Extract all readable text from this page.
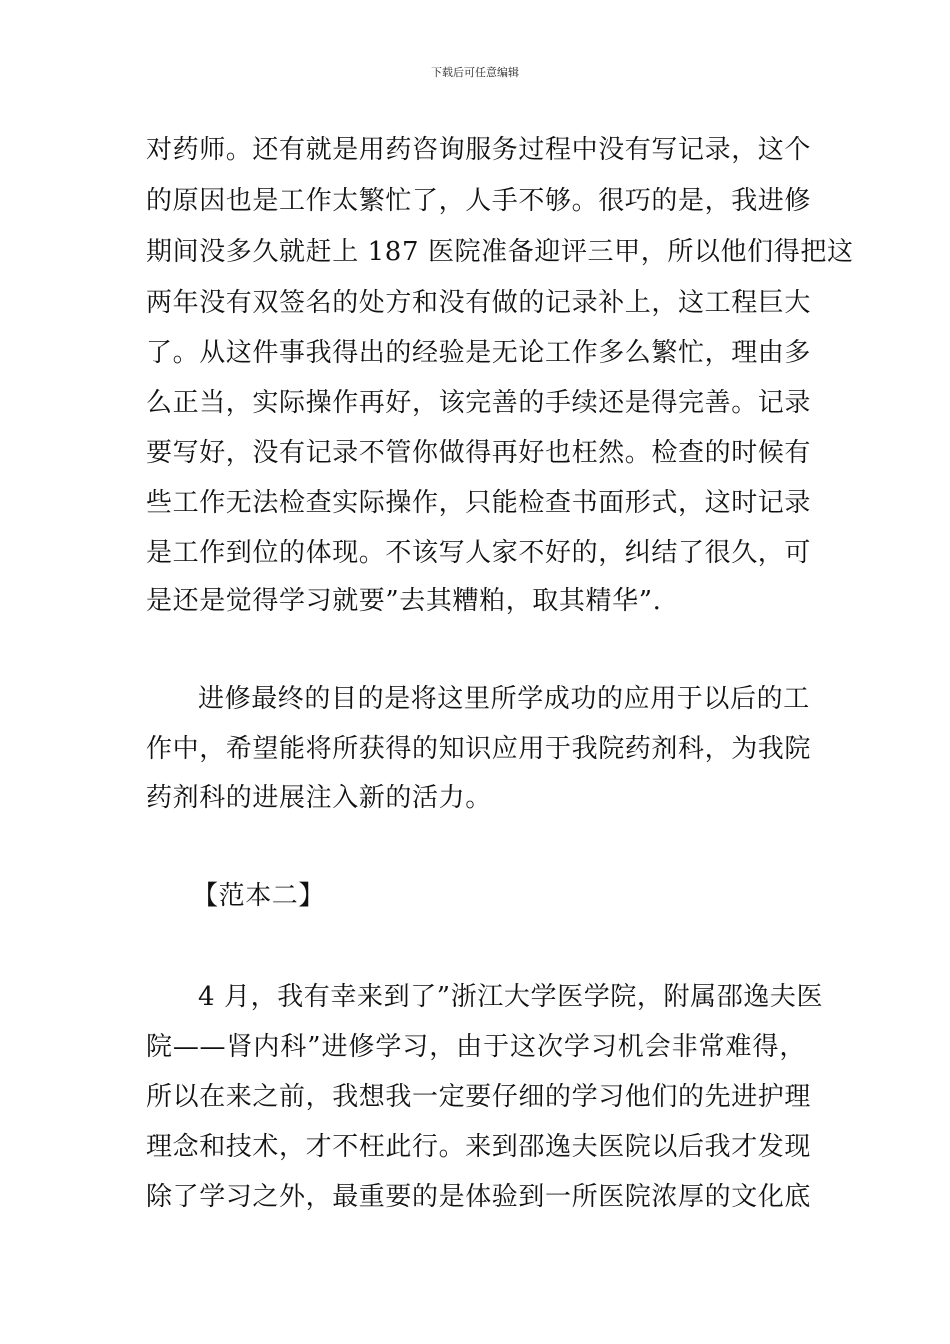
下载后可任意编辑
对药师。还有就是用药咨询服务过程中没有写记录，这个
的原因也是工作太繁忙了，人手不够。很巧的是，我进修
期间没多久就赶上 187 医院准备迎评三甲，所以他们得把这
两年没有双签名的处方和没有做的记录补上，这工程巨大
了。从这件事我得出的经验是无论工作多么繁忙，理由多
么正当，实际操作再好，该完善的手续还是得完善。记录
要写好，没有记录不管你做得再好也枉然。检查的时候有
些工作无法检查实际操作，只能检查书面形式，这时记录
是工作到位的体现。不该写人家不好的，纠结了很久，可
是还是觉得学习就要”去其糟粕，取其精华”.
进修最终的目的是将这里所学成功的应用于以后的工
作中，希望能将所获得的知识应用于我院药剂科，为我院
药剂科的进展注入新的活力。
【范本二】
4 月，我有幸来到了”浙江大学医学院，附属邵逸夫医
院——肾内科”进修学习，由于这次学习机会非常难得，
所以在来之前，我想我一定要仔细的学习他们的先进护理
理念和技术，才不枉此行。来到邵逸夫医院以后我才发现
除了学习之外，最重要的是体验到一所医院浓厚的文化底
